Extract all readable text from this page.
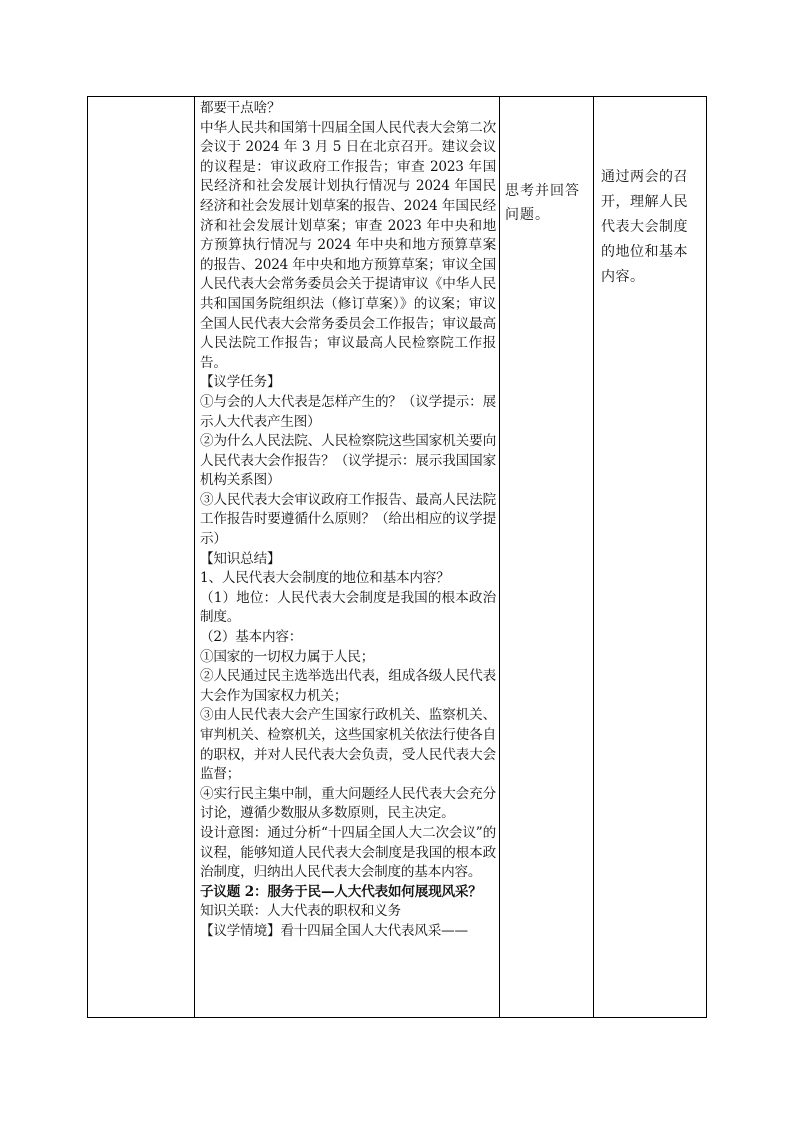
都要干点啥？

中华人民共和国第十四届全国人民代表大会第二次会议于 2024 年 3 月 5 日在北京召开。建议会议的议程是：审议政府工作报告；审查 2023 年国民经济和社会发展计划执行情况与 2024 年国民经济和社会发展计划草案的报告、2024 年国民经济和社会发展计划草案；审查 2023 年中央和地方预算执行情况与 2024 年中央和地方预算草案的报告、2024 年中央和地方预算草案；审议全国人民代表大会常务委员会关于提请审议《中华人民共和国国务院组织法（修订草案）》的议案；审议全国人民代表大会常务委员会工作报告；审议最高人民法院工作报告；审议最高人民检察院工作报告。

【议学任务】

①与会的人大代表是怎样产生的？（议学提示：展示人大代表产生图）

②为什么人民法院、人民检察院这些国家机关要向人民代表大会作报告？（议学提示：展示我国国家机构关系图）

③人民代表大会审议政府工作报告、最高人民法院工作报告时要遵循什么原则？（给出相应的议学提示）

【知识总结】

1、人民代表大会制度的地位和基本内容？

（1）地位：人民代表大会制度是我国的根本政治制度。

（2）基本内容：

①国家的一切权力属于人民；

②人民通过民主选举选出代表，组成各级人民代表大会作为国家权力机关；

③由人民代表大会产生国家行政机关、监察机关、审判机关、检察机关，这些国家机关依法行使各自的职权，并对人民代表大会负责，受人民代表大会监督；

④实行民主集中制，重大问题经人民代表大会充分讨论，遵循少数服从多数原则，民主决定。

设计意图：通过分析“十四届全国人大二次会议”的议程，能够知道人民代表大会制度是我国的根本政治制度，归纳出人民代表大会制度的基本内容。

子议题 2：服务于民—人大代表如何展现风采？

知识关联：人大代表的职权和义务

【议学情境】看十四届全国人大代表风采——

思考并回答问题。

通过两会的召开，理解人民代表大会制度的地位和基本内容。
